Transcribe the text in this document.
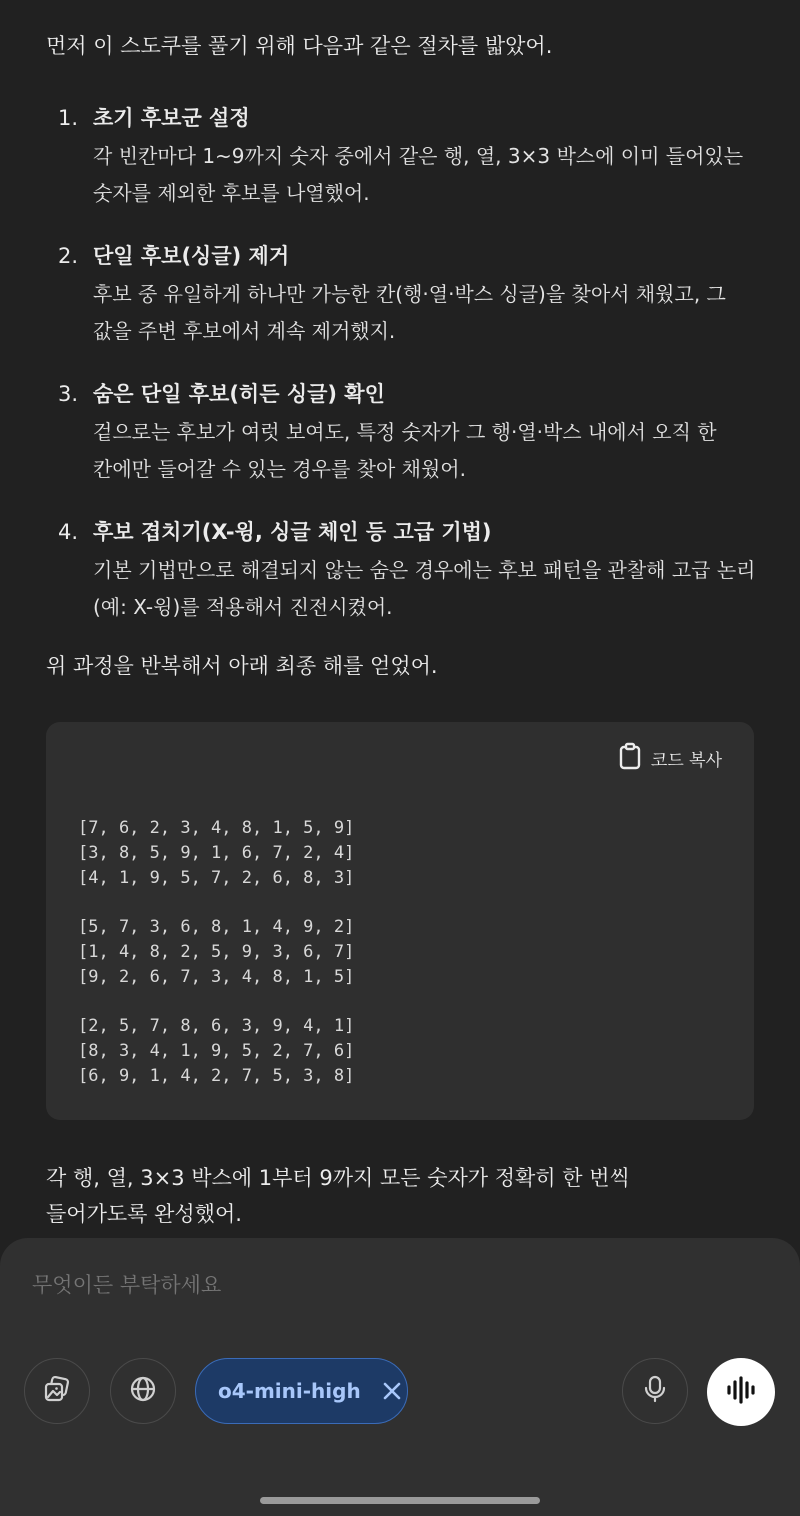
먼저 이 스도쿠를 풀기 위해 다음과 같은 절차를 밟았어.
1. 초기 후보군 설정
각 빈칸마다 1~9까지 숫자 중에서 같은 행, 열, 3×3 박스에 이미 들어있는 숫자를 제외한 후보를 나열했어.
2. 단일 후보(싱글) 제거
후보 중 유일하게 하나만 가능한 칸(행·열·박스 싱글)을 찾아서 채웠고, 그 값을 주변 후보에서 계속 제거했지.
3. 숨은 단일 후보(히든 싱글) 확인
겉으로는 후보가 여럿 보여도, 특정 숫자가 그 행·열·박스 내에서 오직 한 칸에만 들어갈 수 있는 경우를 찾아 채웠어.
4. 후보 겹치기(X-윙, 싱글 체인 등 고급 기법)
기본 기법만으로 해결되지 않는 숨은 경우에는 후보 패턴을 관찰해 고급 논리(예: X-윙)를 적용해서 진전시켰어.
위 과정을 반복해서 아래 최종 해를 얻었어.
코드 복사
[7, 6, 2, 3, 4, 8, 1, 5, 9]
[3, 8, 5, 9, 1, 6, 7, 2, 4]
[4, 1, 9, 5, 7, 2, 6, 8, 3]
[5, 7, 3, 6, 8, 1, 4, 9, 2]
[1, 4, 8, 2, 5, 9, 3, 6, 7]
[9, 2, 6, 7, 3, 4, 8, 1, 5]
[2, 5, 7, 8, 6, 3, 9, 4, 1]
[8, 3, 4, 1, 9, 5, 2, 7, 6]
[6, 9, 1, 4, 2, 7, 5, 3, 8]
각 행, 열, 3×3 박스에 1부터 9까지 모든 숫자가 정확히 한 번씩
들어가도록 완성했어.
무엇이든 부탁하세요
o4-mini-high
